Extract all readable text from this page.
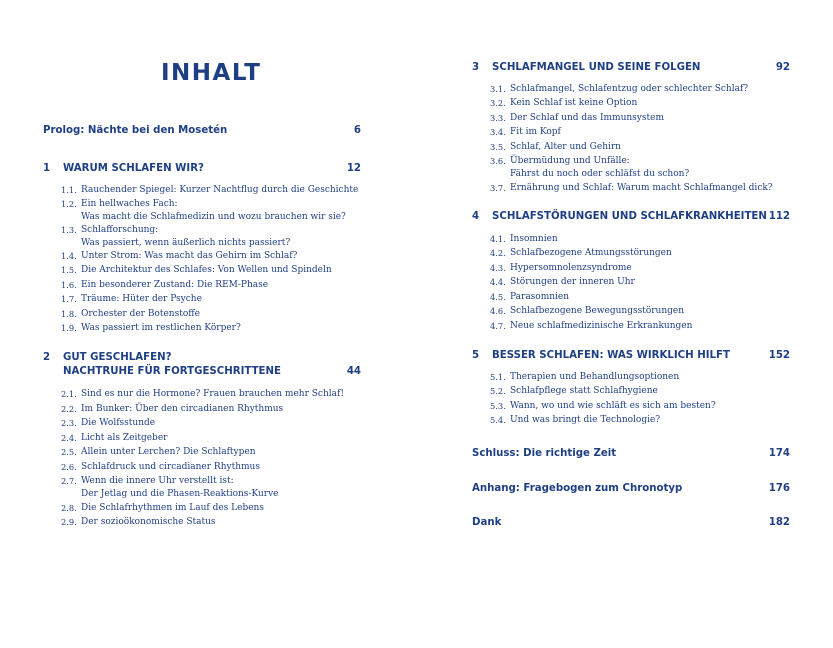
INHALT
Prolog: Nächte bei den Mosetén	6
1 WARUM SCHLAFEN WIR?	12
1.1. Rauchender Spiegel: Kurzer Nachtflug durch die Geschichte
1.2. Ein hellwaches Fach:
Was macht die Schlafmedizin und wozu brauchen wir sie?
1.3. Schlafforschung:
Was passiert, wenn äußerlich nichts passiert?
1.4. Unter Strom: Was macht das Gehirn im Schlaf?
1.5. Die Architektur des Schlafes: Von Wellen und Spindeln
1.6. Ein besonderer Zustand: Die REM-Phase
1.7. Träume: Hüter der Psyche
1.8. Orchester der Botenstoffe
1.9. Was passiert im restlichen Körper?
2 GUT GESCHLAFEN?
NACHTRUHE FÜR FORTGESCHRITTENE	44
2.1. Sind es nur die Hormone? Frauen brauchen mehr Schlaf!
2.2. Im Bunker: Über den circadianen Rhythmus
2.3. Die Wolfsstunde
2.4. Licht als Zeitgeber
2.5. Allein unter Lerchen? Die Schlaftypen
2.6. Schlafdruck und circadianer Rhythmus
2.7. Wenn die innere Uhr verstellt ist:
Der Jetlag und die Phasen-Reaktions-Kurve
2.8. Die Schlafrhythmen im Lauf des Lebens
2.9. Der sozioökonomische Status
3 SCHLAFMANGEL UND SEINE FOLGEN	92
3.1. Schlafmangel, Schlafentzug oder schlechter Schlaf?
3.2. Kein Schlaf ist keine Option
3.3. Der Schlaf und das Immunsystem
3.4. Fit im Kopf
3.5. Schlaf, Alter und Gehirn
3.6. Übermüdung und Unfälle:
Fährst du noch oder schläfst du schon?
3.7. Ernährung und Schlaf: Warum macht Schlafmangel dick?
4 SCHLAFSTÖRUNGEN UND SCHLAFKRANKHEITEN 112
4.1. Insomnien
4.2. Schlafbezogene Atmungsstörungen
4.3. Hypersomnolenzsyndrome
4.4. Störungen der inneren Uhr
4.5. Parasomnien
4.6. Schlafbezogene Bewegungsstörungen
4.7. Neue schlafmedizinische Erkrankungen
5 BESSER SCHLAFEN: WAS WIRKLICH HILFT	152
5.1. Therapien und Behandlungsoptionen
5.2. Schlafpflege statt Schlafhygiene
5.3. Wann, wo und wie schläft es sich am besten?
5.4. Und was bringt die Technologie?
Schluss: Die richtige Zeit	174
Anhang: Fragebogen zum Chronotyp	176
Dank	182
